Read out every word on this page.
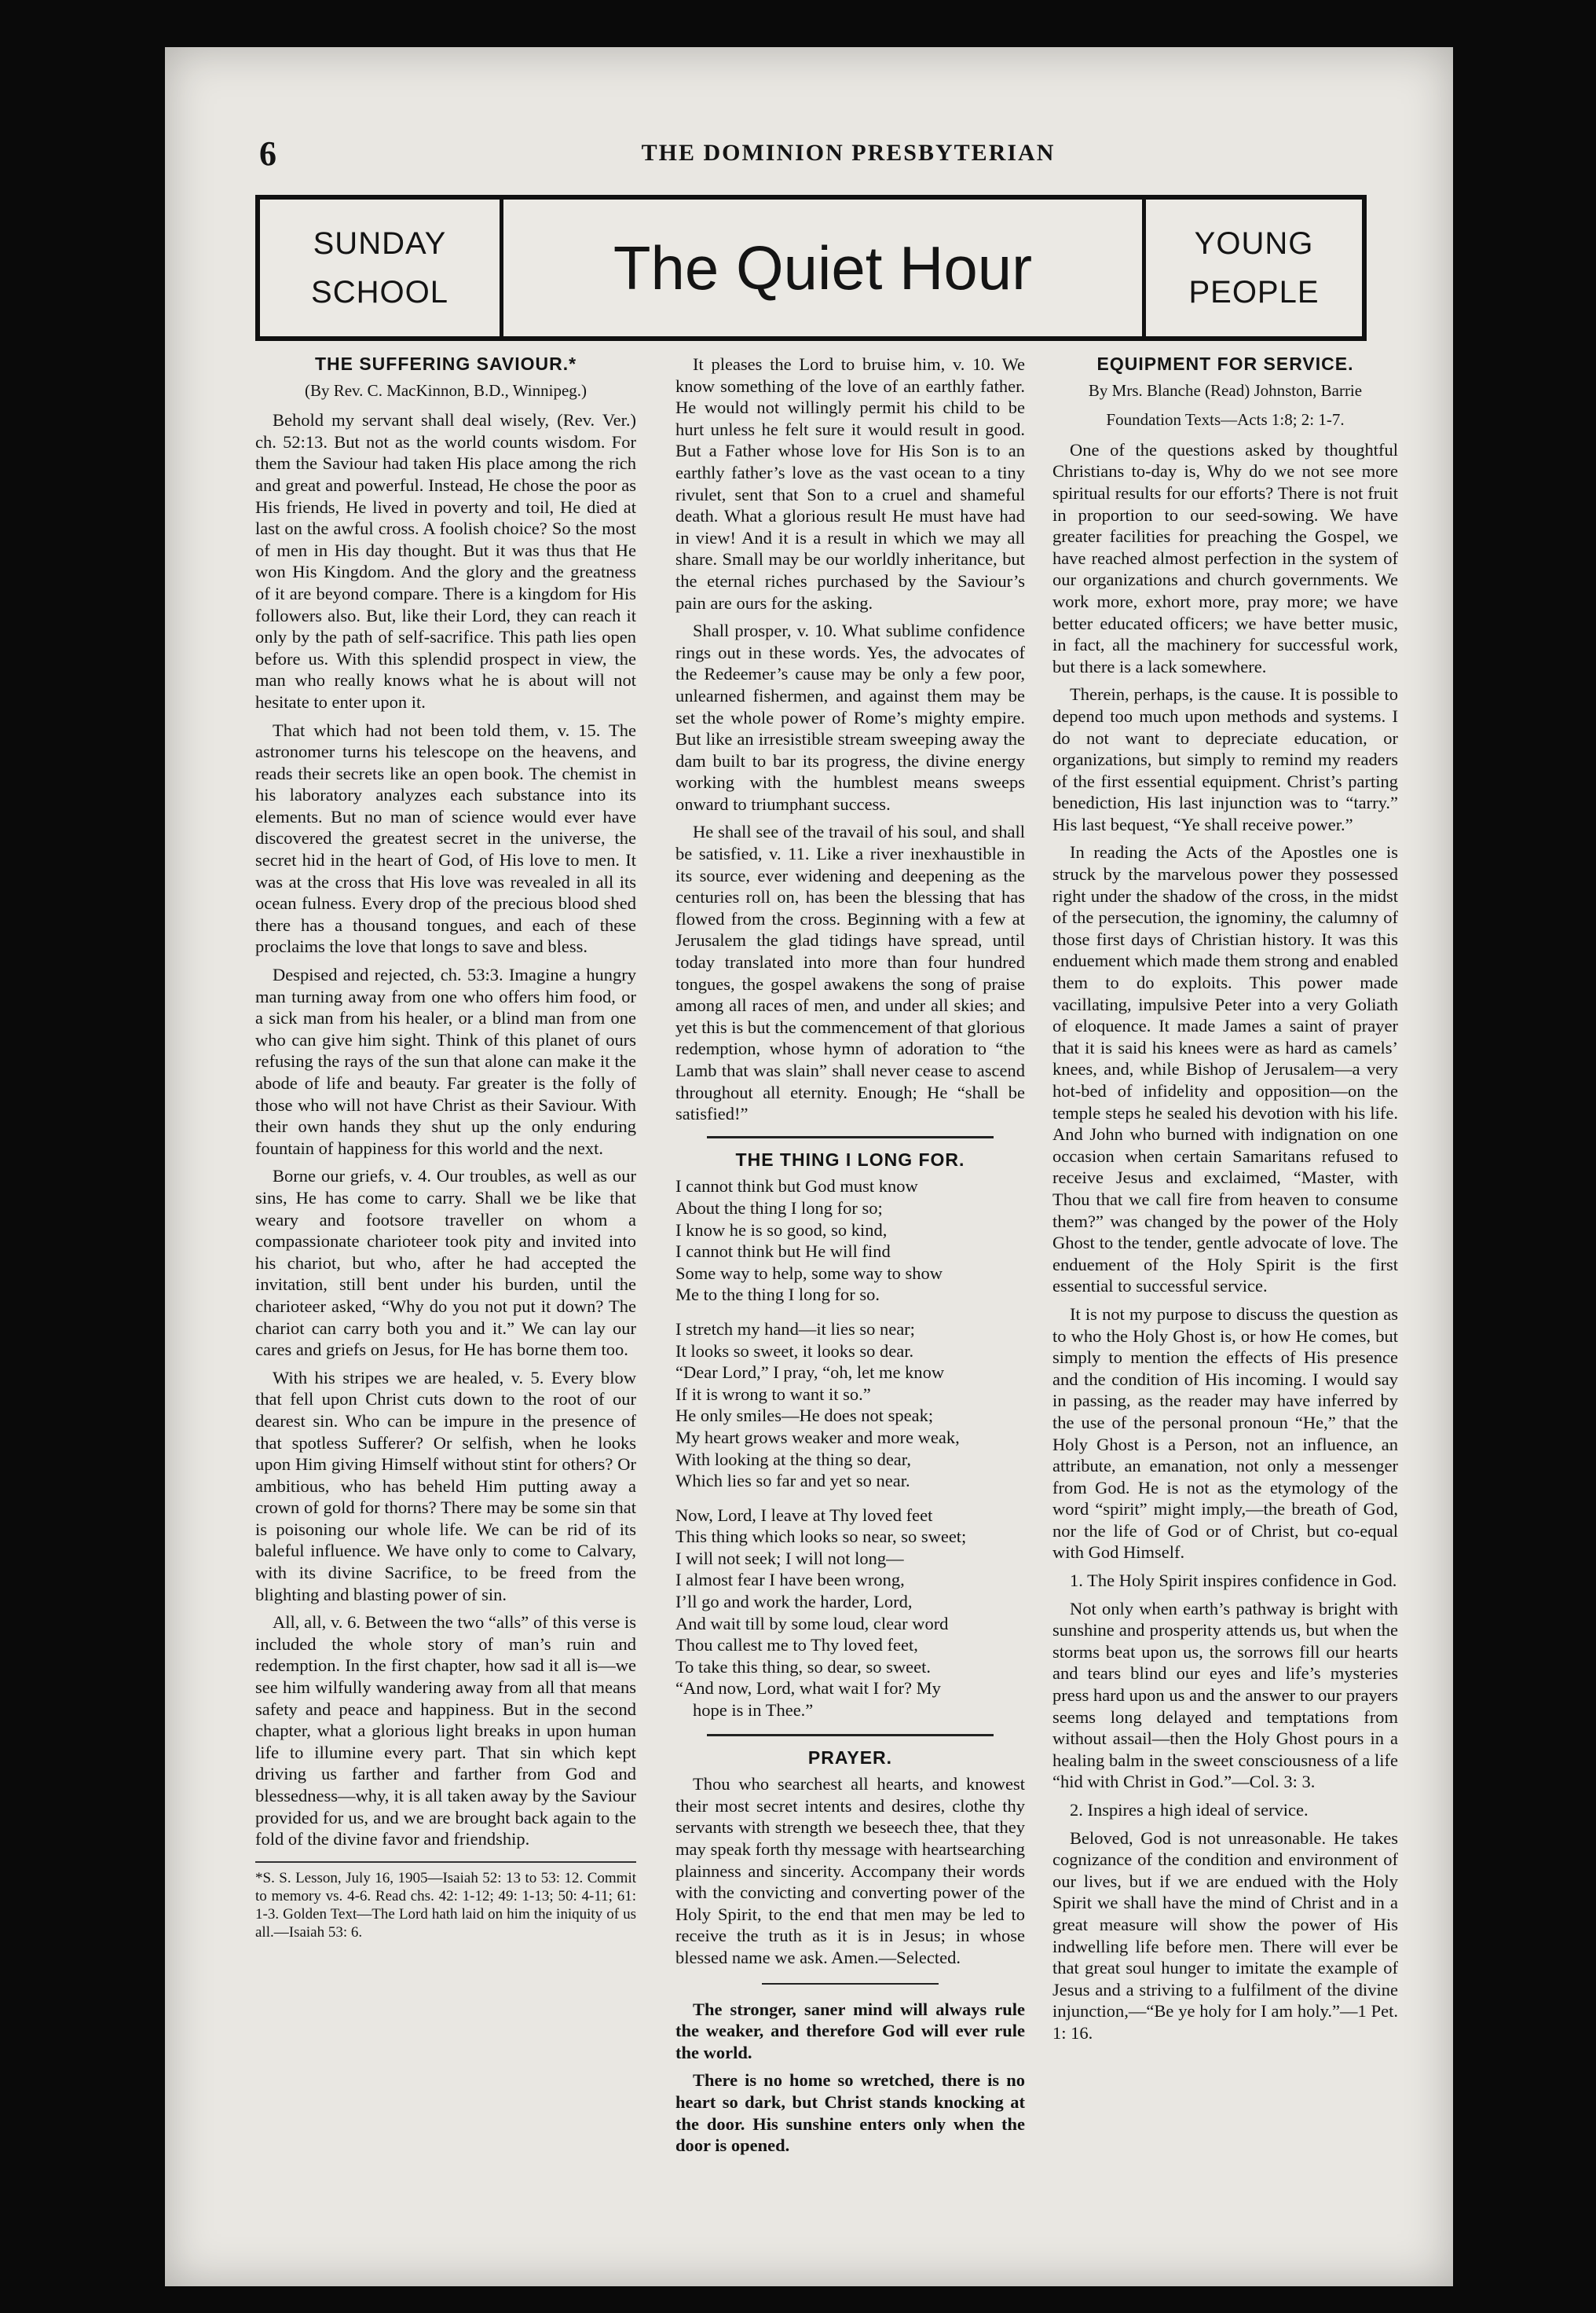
6	THE DOMINION PRESBYTERIAN
SUNDAY
SCHOOL	The Quiet Hour	YOUNG
PEOPLE
THE SUFFERING SAVIOUR.*
(By Rev. C. MacKinnon, B.D., Winnipeg.)

Behold my servant shall deal wisely, (Rev. Ver.) ch. 52:13. But not as the world counts wisdom. For them the Saviour had taken His place among the rich and great and powerful. Instead, He chose the poor as His friends, He lived in poverty and toil, He died at last on the awful cross. A foolish choice? So the most of men in His day thought. But it was thus that He won His Kingdom. And the glory and the greatness of it are beyond compare. There is a kingdom for His followers also. But, like their Lord, they can reach it only by the path of self-sacrifice. This path lies open before us. With this splendid prospect in view, the man who really knows what he is about will not hesitate to enter upon it.

That which had not been told them, v. 15. The astronomer turns his telescope on the heavens, and reads their secrets like an open book. The chemist in his laboratory analyzes each substance into its elements. But no man of science would ever have discovered the greatest secret in the universe, the secret hid in the heart of God, of His love to men. It was at the cross that His love was revealed in all its ocean fulness. Every drop of the precious blood shed there has a thousand tongues, and each of these proclaims the love that longs to save and bless.

Despised and rejected, ch. 53:3. Imagine a hungry man turning away from one who offers him food, or a sick man from his healer, or a blind man from one who can give him sight. Think of this planet of ours refusing the rays of the sun that alone can make it the abode of life and beauty. Far greater is the folly of those who will not have Christ as their Saviour. With their own hands they shut up the only enduring fountain of happiness for this world and the next.

Borne our griefs, v. 4. Our troubles, as well as our sins, He has come to carry. Shall we be like that weary and footsore traveller on whom a compassionate charioteer took pity and invited into his chariot, but who, after he had accepted the invitation, still bent under his burden, until the charioteer asked, “Why do you not put it down? The chariot can carry both you and it.” We can lay our cares and griefs on Jesus, for He has borne them too.

With his stripes we are healed, v. 5. Every blow that fell upon Christ cuts down to the root of our dearest sin. Who can be impure in the presence of that spotless Sufferer? Or selfish, when he looks upon Him giving Himself without stint for others? Or ambitious, who has beheld Him putting away a crown of gold for thorns? There may be some sin that is poisoning our whole life. We can be rid of its baleful influence. We have only to come to Calvary, with its divine Sacrifice, to be freed from the blighting and blasting power of sin.

All, all, v. 6. Between the two “alls” of this verse is included the whole story of man’s ruin and redemption. In the first chapter, how sad it all is—we see him wilfully wandering away from all that means safety and peace and happiness. But in the second chapter, what a glorious light breaks in upon human life to illumine every part. That sin which kept driving us farther and farther from God and blessedness—why, it is all taken away by the Saviour provided for us, and we are brought back again to the fold of the divine favor and friendship.

*S. S. Lesson, July 16, 1905—Isaiah 52: 13 to 53: 12. Commit to memory vs. 4-6. Read chs. 42: 1-12; 49: 1-13; 50: 4-11; 61: 1-3. Golden Text—The Lord hath laid on him the iniquity of us all.—Isaiah 53: 6.

It pleases the Lord to bruise him, v. 10. We know something of the love of an earthly father. He would not willingly permit his child to be hurt unless he felt sure it would result in good. But a Father whose love for His Son is to an earthly father’s love as the vast ocean to a tiny rivulet, sent that Son to a cruel and shameful death. What a glorious result He must have had in view! And it is a result in which we may all share. Small may be our worldly inheritance, but the eternal riches purchased by the Saviour’s pain are ours for the asking.

Shall prosper, v. 10. What sublime confidence rings out in these words. Yes, the advocates of the Redeemer’s cause may be only a few poor, unlearned fishermen, and against them may be set the whole power of Rome’s mighty empire. But like an irresistible stream sweeping away the dam built to bar its progress, the divine energy working with the humblest means sweeps onward to triumphant success.

He shall see of the travail of his soul, and shall be satisfied, v. 11. Like a river inexhaustible in its source, ever widening and deepening as the centuries roll on, has been the blessing that has flowed from the cross. Beginning with a few at Jerusalem the glad tidings have spread, until today translated into more than four hundred tongues, the gospel awakens the song of praise among all races of men, and under all skies; and yet this is but the commencement of that glorious redemption, whose hymn of adoration to “the Lamb that was slain” shall never cease to ascend throughout all eternity. Enough; He “shall be satisfied!”

THE THING I LONG FOR.

I cannot think but God must know

About the thing I long for so;

I know he is so good, so kind,

I cannot think but He will find

Some way to help, some way to show

Me to the thing I long for so.

I stretch my hand—it lies so near;

It looks so sweet, it looks so dear.

“Dear Lord,” I pray, “oh, let me know

If it is wrong to want it so.”

He only smiles—He does not speak;

My heart grows weaker and more weak,

With looking at the thing so dear,

Which lies so far and yet so near.

Now, Lord, I leave at Thy loved feet

This thing which looks so near, so sweet;

I will not seek; I will not long—

I almost fear I have been wrong,

I’ll go and work the harder, Lord,

And wait till by some loud, clear word

Thou callest me to Thy loved feet,

To take this thing, so dear, so sweet.

“And now, Lord, what wait I for? My

hope is in Thee.”

PRAYER.

Thou who searchest all hearts, and knowest their most secret intents and desires, clothe thy servants with strength we beseech thee, that they may speak forth thy message with heartsearching plainness and sincerity. Accompany their words with the convicting and converting power of the Holy Spirit, to the end that men may be led to receive the truth as it is in Jesus; in whose blessed name we ask. Amen.—Selected.

The stronger, saner mind will always rule the weaker, and therefore God will ever rule the world.

There is no home so wretched, there is no heart so dark, but Christ stands knocking at the door. His sunshine enters only when the door is opened.

EQUIPMENT FOR SERVICE.
By Mrs. Blanche (Read) Johnston, Barrie
Foundation Texts—Acts 1:8; 2: 1-7.

One of the questions asked by thoughtful Christians to-day is, Why do we not see more spiritual results for our efforts? There is not fruit in proportion to our seed-sowing. We have greater facilities for preaching the Gospel, we have reached almost perfection in the system of our organizations and church governments. We work more, exhort more, pray more; we have better educated officers; we have better music, in fact, all the machinery for successful work, but there is a lack somewhere.

Therein, perhaps, is the cause. It is possible to depend too much upon methods and systems. I do not want to depreciate education, or organizations, but simply to remind my readers of the first essential equipment. Christ’s parting benediction, His last injunction was to “tarry.” His last bequest, “Ye shall receive power.”

In reading the Acts of the Apostles one is struck by the marvelous power they possessed right under the shadow of the cross, in the midst of the persecution, the ignominy, the calumny of those first days of Christian history. It was this enduement which made them strong and enabled them to do exploits. This power made vacillating, impulsive Peter into a very Goliath of eloquence. It made James a saint of prayer that it is said his knees were as hard as camels’ knees, and, while Bishop of Jerusalem—a very hot-bed of infidelity and opposition—on the temple steps he sealed his devotion with his life. And John who burned with indignation on one occasion when certain Samaritans refused to receive Jesus and exclaimed, “Master, with Thou that we call fire from heaven to consume them?” was changed by the power of the Holy Ghost to the tender, gentle advocate of love. The enduement of the Holy Spirit is the first essential to successful service.

It is not my purpose to discuss the question as to who the Holy Ghost is, or how He comes, but simply to mention the effects of His presence and the condition of His incoming. I would say in passing, as the reader may have inferred by the use of the personal pronoun “He,” that the Holy Ghost is a Person, not an influence, an attribute, an emanation, not only a messenger from God. He is not as the etymology of the word “spirit” might imply,—the breath of God, nor the life of God or of Christ, but co-equal with God Himself.

1. The Holy Spirit inspires confidence in God.

Not only when earth’s pathway is bright with sunshine and prosperity attends us, but when the storms beat upon us, the sorrows fill our hearts and tears blind our eyes and life’s mysteries press hard upon us and the answer to our prayers seems long delayed and temptations from without assail—then the Holy Ghost pours in a healing balm in the sweet consciousness of a life “hid with Christ in God.”—Col. 3: 3.

2. Inspires a high ideal of service.

Beloved, God is not unreasonable. He takes cognizance of the condition and environment of our lives, but if we are endued with the Holy Spirit we shall have the mind of Christ and in a great measure will show the power of His indwelling life before men. There will ever be that great soul hunger to imitate the example of Jesus and a striving to a fulfilment of the divine injunction,—“Be ye holy for I am holy.”—1 Pet. 1: 16.
